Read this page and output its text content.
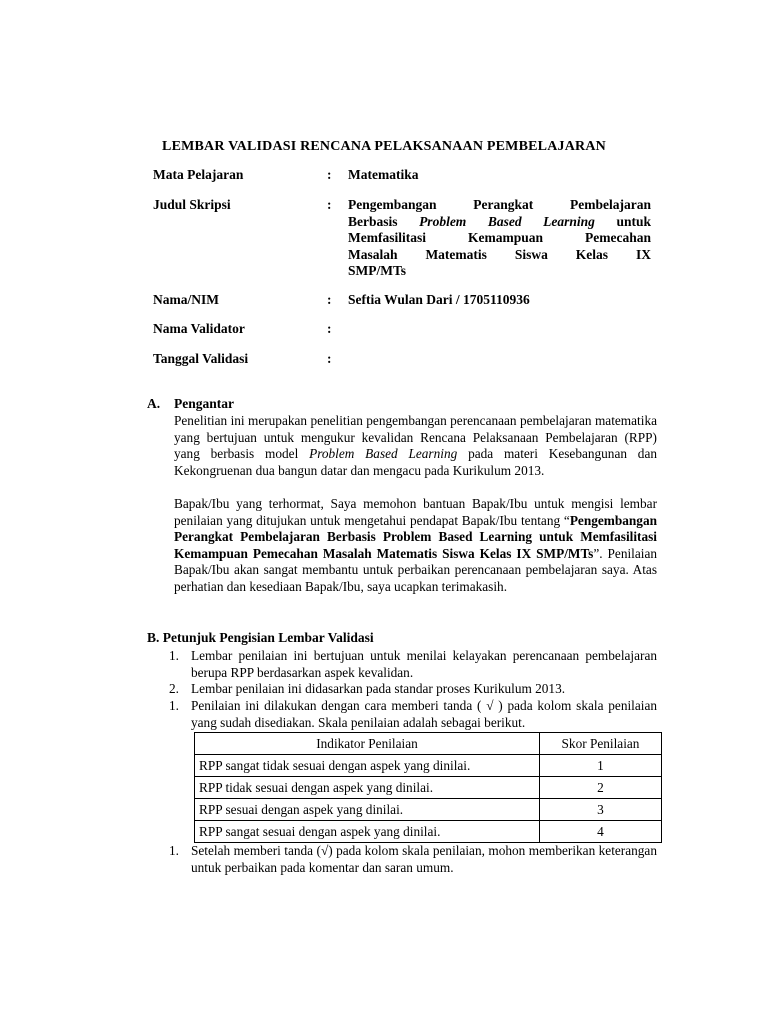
LEMBAR VALIDASI RENCANA PELAKSANAAN PEMBELAJARAN
Mata Pelajaran	: Matematika
Judul Skripsi	: Pengembangan Perangkat Pembelajaran
Berbasis Problem Based Learning untuk
Memfasilitasi Kemampuan Pemecahan
Masalah Matematis Siswa Kelas IX
SMP/MTs
Nama/NIM	: Seftia Wulan Dari / 1705110936
Nama Validator	:
Tanggal Validasi	:
A. Pengantar
Penelitian ini merupakan penelitian pengembangan perencanaan pembelajaran matematika yang bertujuan untuk mengukur kevalidan Rencana Pelaksanaan Pembelajaran (RPP) yang berbasis model Problem Based Learning pada materi Kesebangunan dan Kekongruenan dua bangun datar dan mengacu pada Kurikulum 2013.
Bapak/Ibu yang terhormat, Saya memohon bantuan Bapak/Ibu untuk mengisi lembar penilaian yang ditujukan untuk mengetahui pendapat Bapak/Ibu tentang “Pengembangan Perangkat Pembelajaran Berbasis Problem Based Learning untuk Memfasilitasi Kemampuan Pemecahan Masalah Matematis Siswa Kelas IX SMP/MTs”. Penilaian Bapak/Ibu akan sangat membantu untuk perbaikan perencanaan pembelajaran saya. Atas perhatian dan kesediaan Bapak/Ibu, saya ucapkan terimakasih.
B. Petunjuk Pengisian Lembar Validasi
1. Lembar penilaian ini bertujuan untuk menilai kelayakan perencanaan pembelajaran berupa RPP berdasarkan aspek kevalidan.
2. Lembar penilaian ini didasarkan pada standar proses Kurikulum 2013.
1. Penilaian ini dilakukan dengan cara memberi tanda ( √ ) pada kolom skala penilaian yang sudah disediakan. Skala penilaian adalah sebagai berikut.
Indikator Penilaian	Skor Penilaian
RPP sangat tidak sesuai dengan aspek yang dinilai.	1
RPP tidak sesuai dengan aspek yang dinilai.	2
RPP sesuai dengan aspek yang dinilai.	3
RPP sangat sesuai dengan aspek yang dinilai.	4
1. Setelah memberi tanda (√) pada kolom skala penilaian, mohon memberikan keterangan untuk perbaikan pada komentar dan saran umum.
